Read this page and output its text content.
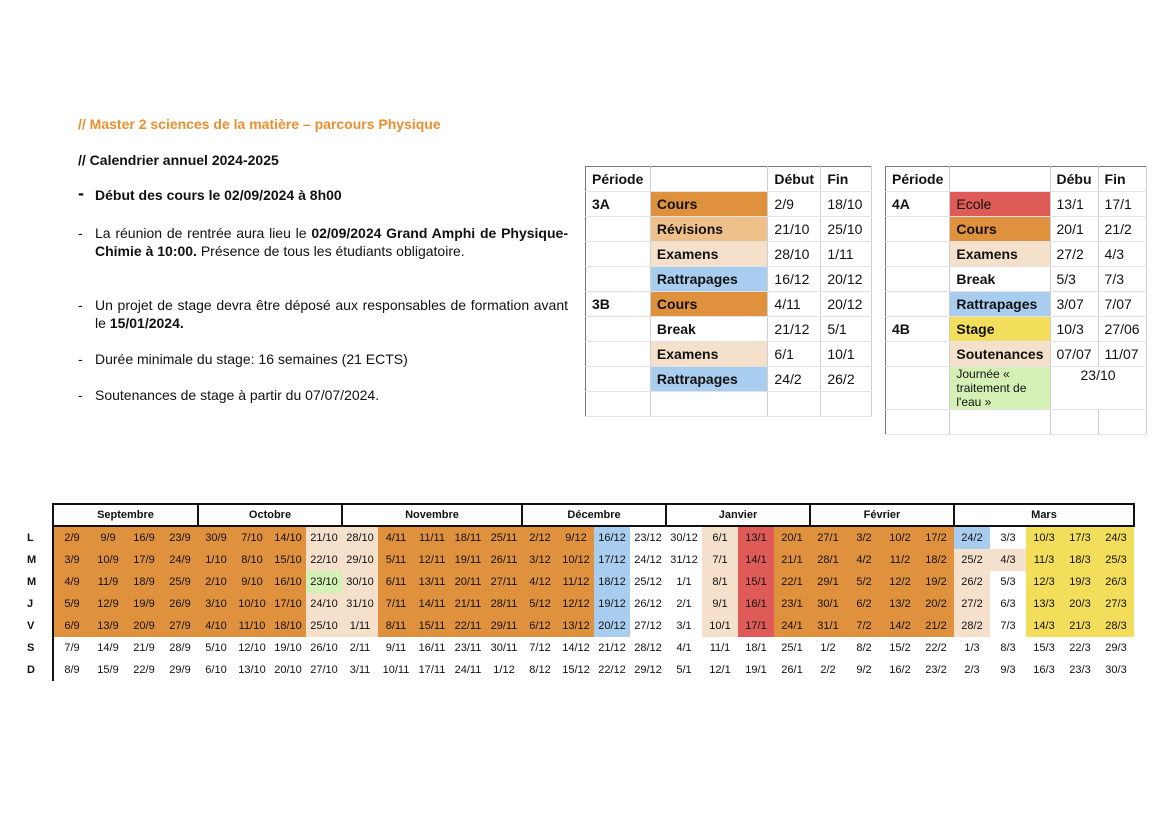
// Master 2 sciences de la matière – parcours Physique
// Calendrier annuel 2024-2025
- Début des cours le 02/09/2024 à 8h00
- La réunion de rentrée aura lieu le 02/09/2024 Grand Amphi de Physique-Chimie à 10:00. Présence de tous les étudiants obligatoire.
- Un projet de stage devra être déposé aux responsables de formation avant le 15/01/2024.
- Durée minimale du stage: 16 semaines (21 ECTS)
- Soutenances de stage à partir du 07/07/2024.
Période		Début	Fin
3A	Cours	2/9	18/10
	Révisions	21/10	25/10
	Examens	28/10	1/11
	Rattrapages	16/12	20/12
3B	Cours	4/11	20/12
	Break	21/12	5/1
	Examens	6/1	10/1
	Rattrapages	24/2	26/2

Période		Débu	Fin
4A	Ecole	13/1	17/1
	Cours	20/1	21/2
	Examens	27/2	4/3
	Break	5/3	7/3
	Rattrapages	3/07	7/07
4B	Stage	10/3	27/06
	Soutenances	07/07	11/07
	Journée « traitement de l'eau »	23/10	

	Septembre				Octobre				Novembre					Décembre				Janvier				Février				Mars				
L	2/9	9/9	16/9	23/9	30/9	7/10	14/10	21/10	28/10	4/11	11/11	18/11	25/11	2/12	9/12	16/12	23/12	30/12	6/1	13/1	20/1	27/1	3/2	10/2	17/2	24/2	3/3	10/3	17/3	24/3
M	3/9	10/9	17/9	24/9	1/10	8/10	15/10	22/10	29/10	5/11	12/11	19/11	26/11	3/12	10/12	17/12	24/12	31/12	7/1	14/1	21/1	28/1	4/2	11/2	18/2	25/2	4/3	11/3	18/3	25/3
M	4/9	11/9	18/9	25/9	2/10	9/10	16/10	23/10	30/10	6/11	13/11	20/11	27/11	4/12	11/12	18/12	25/12	1/1	8/1	15/1	22/1	29/1	5/2	12/2	19/2	26/2	5/3	12/3	19/3	26/3
J	5/9	12/9	19/9	26/9	3/10	10/10	17/10	24/10	31/10	7/11	14/11	21/11	28/11	5/12	12/12	19/12	26/12	2/1	9/1	16/1	23/1	30/1	6/2	13/2	20/2	27/2	6/3	13/3	20/3	27/3
V	6/9	13/9	20/9	27/9	4/10	11/10	18/10	25/10	1/11	8/11	15/11	22/11	29/11	6/12	13/12	20/12	27/12	3/1	10/1	17/1	24/1	31/1	7/2	14/2	21/2	28/2	7/3	14/3	21/3	28/3
S	7/9	14/9	21/9	28/9	5/10	12/10	19/10	26/10	2/11	9/11	16/11	23/11	30/11	7/12	14/12	21/12	28/12	4/1	11/1	18/1	25/1	1/2	8/2	15/2	22/2	1/3	8/3	15/3	22/3	29/3
D	8/9	15/9	22/9	29/9	6/10	13/10	20/10	27/10	3/11	10/11	17/11	24/11	1/12	8/12	15/12	22/12	29/12	5/1	12/1	19/1	26/1	2/2	9/2	16/2	23/2	2/3	9/3	16/3	23/3	30/3
